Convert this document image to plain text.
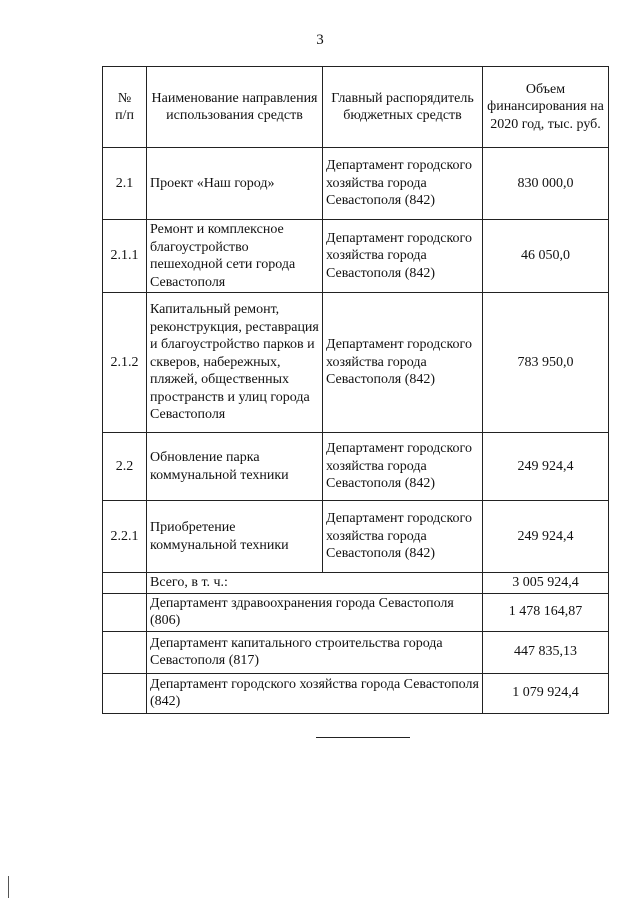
3
№
п/п	Наименование направления использования средств	Главный распорядитель бюджетных средств	Объем финансирования на 2020 год, тыс. руб.
2.1	Проект «Наш город»	Департамент городского хозяйства города Севастополя (842)	830 000,0
2.1.1	Ремонт и комплексное благоустройство пешеходной сети города Севастополя	Департамент городского хозяйства города Севастополя (842)	46 050,0
2.1.2	Капитальный ремонт, реконструкция, реставрация и благоустройство парков и скверов, набережных, пляжей, общественных пространств и улиц города Севастополя	Департамент городского хозяйства города Севастополя (842)	783 950,0
2.2	Обновление парка коммунальной техники	Департамент городского хозяйства города Севастополя (842)	249 924,4
2.2.1	Приобретение коммунальной техники	Департамент городского хозяйства города Севастополя (842)	249 924,4
	Всего, в т. ч.:		3 005 924,4
	Департамент здравоохранения города Севастополя (806)		1 478 164,87
	Департамент капитального строительства города Севастополя (817)		447 835,13
	Департамент городского хозяйства города Севастополя (842)		1 079 924,4
